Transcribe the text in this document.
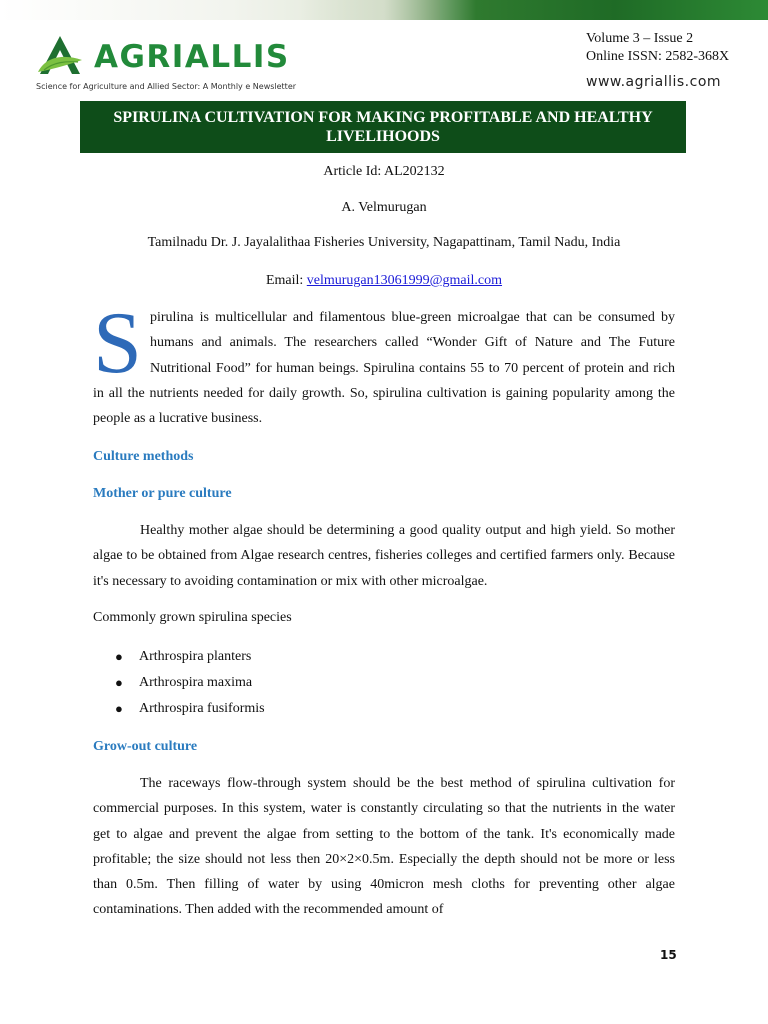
AGRIALLIS
Science for Agriculture and Allied Sector: A Monthly e Newsletter
Volume 3 – Issue 2
Online ISSN: 2582-368X
www.agriallis.com
SPIRULINA CULTIVATION FOR MAKING PROFITABLE AND HEALTHY LIVELIHOODS
Article Id: AL202132
A. Velmurugan
Tamilnadu Dr. J. Jayalalithaa Fisheries University, Nagapattinam, Tamil Nadu, India
Email: velmurugan13061999@gmail.com
Spirulina is multicellular and filamentous blue-green microalgae that can be consumed by humans and animals. The researchers called “Wonder Gift of Nature and The Future Nutritional Food” for human beings. Spirulina contains 55 to 70 percent of protein and rich in all the nutrients needed for daily growth. So, spirulina cultivation is gaining popularity among the people as a lucrative business.
Culture methods
Mother or pure culture
Healthy mother algae should be determining a good quality output and high yield. So mother algae to be obtained from Algae research centres, fisheries colleges and certified farmers only. Because it's necessary to avoiding contamination or mix with other microalgae.
Commonly grown spirulina species
●	Arthrospira planters
●	Arthrospira maxima
●	Arthrospira fusiformis
Grow-out culture
The raceways flow-through system should be the best method of spirulina cultivation for commercial purposes. In this system, water is constantly circulating so that the nutrients in the water get to algae and prevent the algae from setting to the bottom of the tank. It's economically made profitable; the size should not less then 20×2×0.5m. Especially the depth should not be more or less than 0.5m. Then filling of water by using 40micron mesh cloths for preventing other algae contaminations. Then added with the recommended amount of
15
